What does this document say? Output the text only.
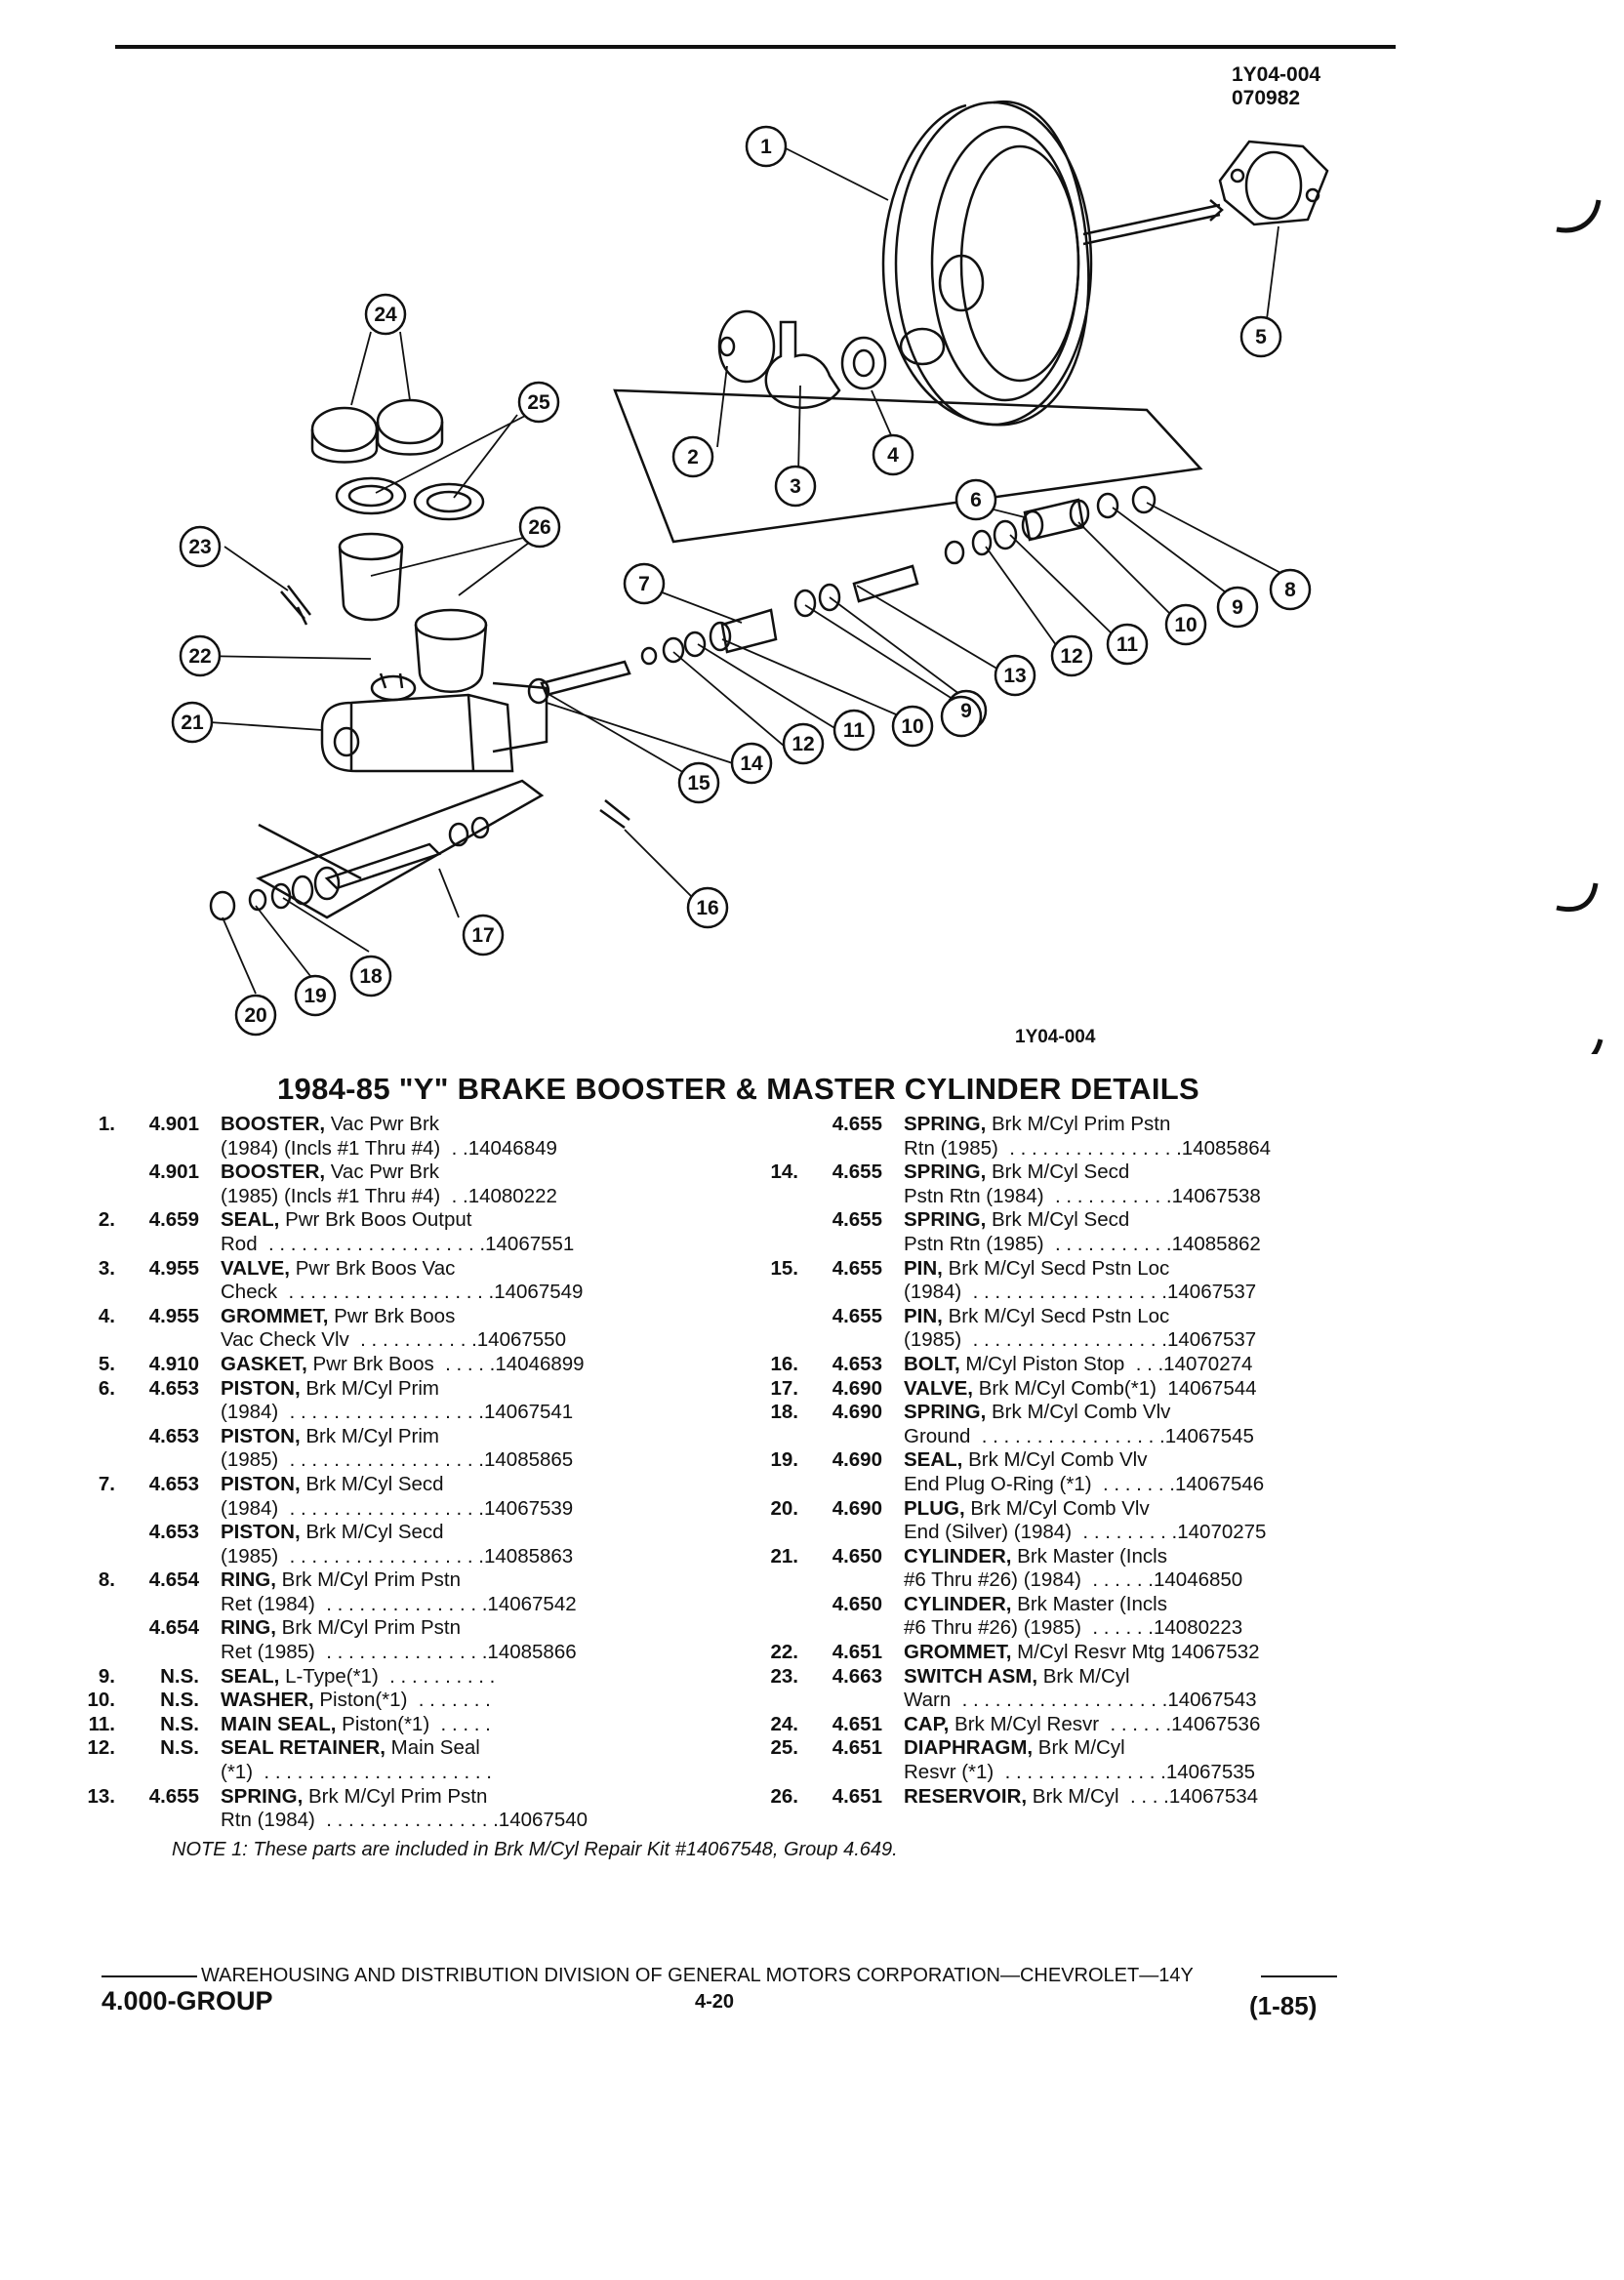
1Y04-004
070982
1Y04-004
1
2
3
4
5
6
7	8
9
10
11
12
13
10
11
12
9
14
15
16
17
18
19
20
21
22
23
24
25
26
1984-85 "Y" BRAKE BOOSTER & MASTER CYLINDER DETAILS
1.	4.901 BOOSTER, Vac Pwr Brk
(1984) (Incls #1 Thru #4)  . .14046849
4.901 BOOSTER, Vac Pwr Brk
(1985) (Incls #1 Thru #4)  . .14080222
2.	4.659 SEAL, Pwr Brk Boos Output
Rod  . . . . . . . . . . . . . . . . . . . .14067551
3.	4.955 VALVE, Pwr Brk Boos Vac
Check  . . . . . . . . . . . . . . . . . . .14067549
4.	4.955 GROMMET, Pwr Brk Boos
Vac Check Vlv  . . . . . . . . . . .14067550
5.	4.910 GASKET, Pwr Brk Boos  . . . . .14046899
6.	4.653 PISTON, Brk M/Cyl Prim
(1984)  . . . . . . . . . . . . . . . . . .14067541
4.653 PISTON, Brk M/Cyl Prim
(1985)  . . . . . . . . . . . . . . . . . .14085865
7.	4.653 PISTON, Brk M/Cyl Secd
(1984)  . . . . . . . . . . . . . . . . . .14067539
4.653 PISTON, Brk M/Cyl Secd
(1985)  . . . . . . . . . . . . . . . . . .14085863
8.	4.654 RING, Brk M/Cyl Prim Pstn
Ret (1984)  . . . . . . . . . . . . . . .14067542
4.654 RING, Brk M/Cyl Prim Pstn
Ret (1985)  . . . . . . . . . . . . . . .14085866
9.	N.S. SEAL, L-Type(*1)  . . . . . . . . . .
10.	N.S. WASHER, Piston(*1)  . . . . . . .
11.	N.S. MAIN SEAL, Piston(*1)  . . . . .
12.	N.S. SEAL RETAINER, Main Seal
(*1)  . . . . . . . . . . . . . . . . . . . . .
13.	4.655 SPRING, Brk M/Cyl Prim Pstn
Rtn (1984)  . . . . . . . . . . . . . . . .14067540
4.655 SPRING, Brk M/Cyl Prim Pstn
Rtn (1985)  . . . . . . . . . . . . . . . .14085864
14.	4.655 SPRING, Brk M/Cyl Secd
Pstn Rtn (1984)  . . . . . . . . . . .14067538
4.655 SPRING, Brk M/Cyl Secd
Pstn Rtn (1985)  . . . . . . . . . . .14085862
15.	4.655 PIN, Brk M/Cyl Secd Pstn Loc
(1984)  . . . . . . . . . . . . . . . . . .14067537
4.655 PIN, Brk M/Cyl Secd Pstn Loc
(1985)  . . . . . . . . . . . . . . . . . .14067537
16.	4.653 BOLT, M/Cyl Piston Stop  . . .14070274
17.	4.690 VALVE, Brk M/Cyl Comb(*1)  14067544
18.	4.690 SPRING, Brk M/Cyl Comb Vlv
Ground  . . . . . . . . . . . . . . . . .14067545
19.	4.690 SEAL, Brk M/Cyl Comb Vlv
End Plug O-Ring (*1)  . . . . . . .14067546
20.	4.690 PLUG, Brk M/Cyl Comb Vlv
End (Silver) (1984)  . . . . . . . . .14070275
21.	4.650 CYLINDER, Brk Master (Incls
#6 Thru #26) (1984)  . . . . . .14046850
4.650 CYLINDER, Brk Master (Incls
#6 Thru #26) (1985)  . . . . . .14080223
22.	4.651 GROMMET, M/Cyl Resvr Mtg 14067532
23.	4.663 SWITCH ASM, Brk M/Cyl
Warn  . . . . . . . . . . . . . . . . . . .14067543
24.	4.651 CAP, Brk M/Cyl Resvr  . . . . . .14067536
25.	4.651 DIAPHRAGM, Brk M/Cyl
Resvr (*1)  . . . . . . . . . . . . . . .14067535
26.	4.651 RESERVOIR, Brk M/Cyl  . . . .14067534
NOTE 1: These parts are included in Brk M/Cyl Repair Kit #14067548, Group 4.649.
WAREHOUSING AND DISTRIBUTION DIVISION OF GENERAL MOTORS CORPORATION—CHEVROLET—14Y
4.000-GROUP	4-20	(1-85)
